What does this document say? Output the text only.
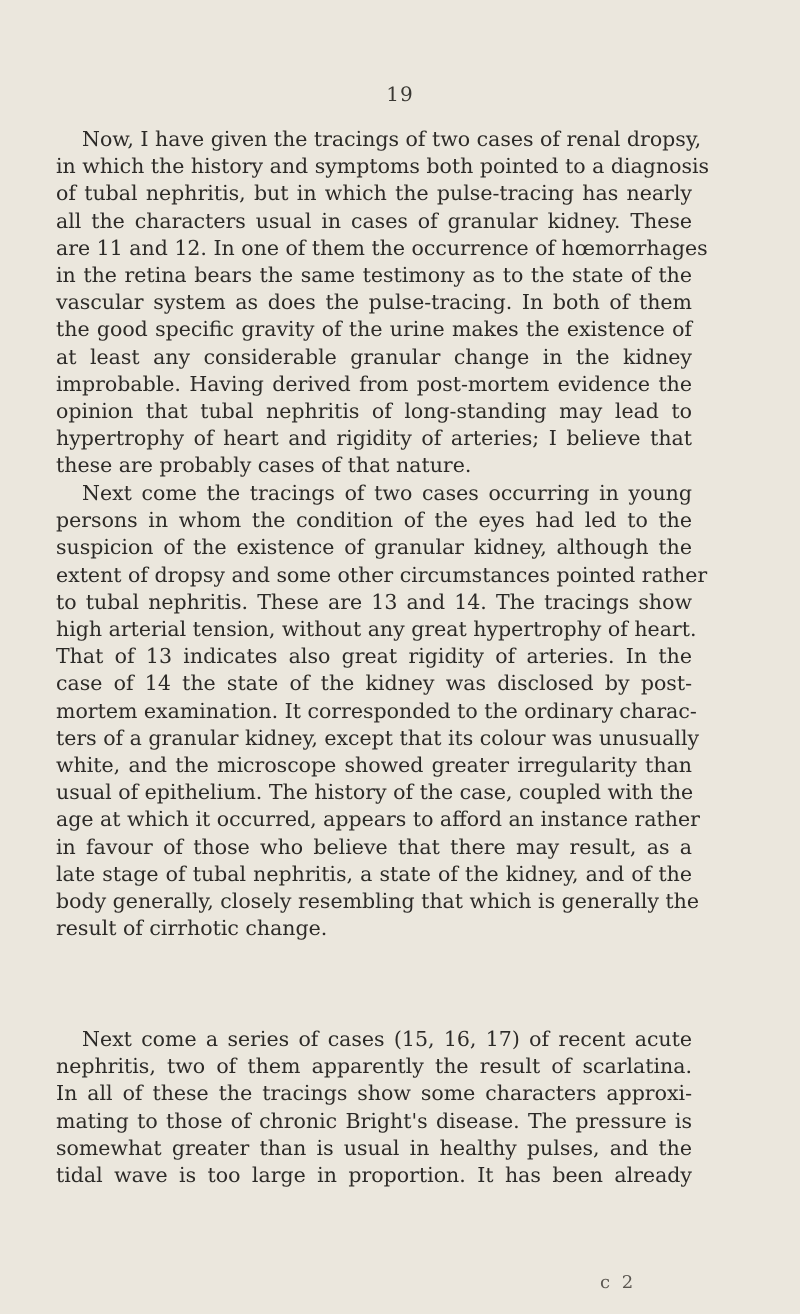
19
Now, I have given the tracings of two cases of renal dropsy,
in which the history and symptoms both pointed to a diagnosis
of tubal nephritis, but in which the pulse-tracing has nearly
all the characters usual in cases of granular kidney. These
are 11 and 12. In one of them the occurrence of hœmorrhages
in the retina bears the same testimony as to the state of the
vascular system as does the pulse-tracing. In both of them
the good specific gravity of the urine makes the existence of
at least any considerable granular change in the kidney
improbable. Having derived from post-mortem evidence the
opinion that tubal nephritis of long-standing may lead to
hypertrophy of heart and rigidity of arteries; I believe that
these are probably cases of that nature.
Next come the tracings of two cases occurring in young
persons in whom the condition of the eyes had led to the
suspicion of the existence of granular kidney, although the
extent of dropsy and some other circumstances pointed rather
to tubal nephritis. These are 13 and 14. The tracings show
high arterial tension, without any great hypertrophy of heart.
That of 13 indicates also great rigidity of arteries. In the
case of 14 the state of the kidney was disclosed by post-
mortem examination. It corresponded to the ordinary charac-
ters of a granular kidney, except that its colour was unusually
white, and the microscope showed greater irregularity than
usual of epithelium. The history of the case, coupled with the
age at which it occurred, appears to afford an instance rather
in favour of those who believe that there may result, as a
late stage of tubal nephritis, a state of the kidney, and of the
body generally, closely resembling that which is generally the
result of cirrhotic change.
Next come a series of cases (15, 16, 17) of recent acute
nephritis, two of them apparently the result of scarlatina.
In all of these the tracings show some characters approxi-
mating to those of chronic Bright's disease. The pressure is
somewhat greater than is usual in healthy pulses, and the
tidal wave is too large in proportion. It has been already
c 2
